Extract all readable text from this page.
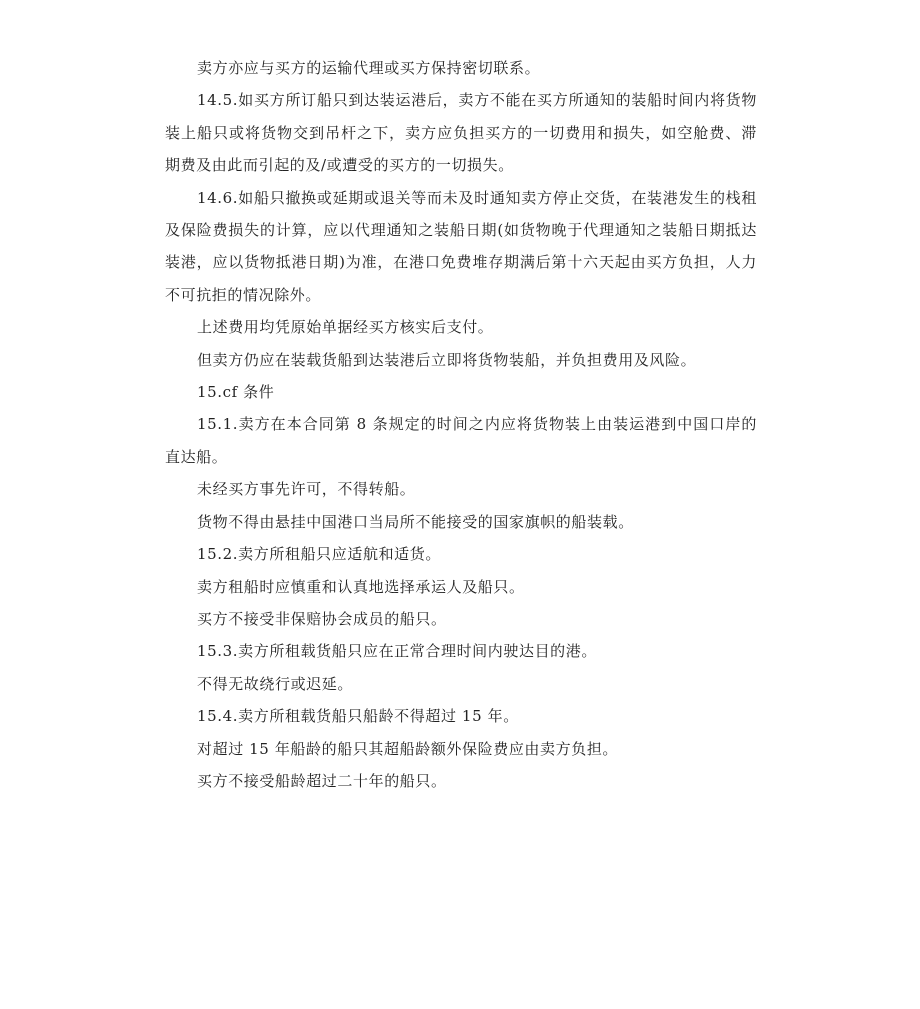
卖方亦应与买方的运输代理或买方保持密切联系。

14.5.如买方所订船只到达装运港后，卖方不能在买方所通知的装船时间内将货物装上船只或将货物交到吊杆之下，卖方应负担买方的一切费用和损失，如空舱费、滞期费及由此而引起的及/或遭受的买方的一切损失。

14.6.如船只撤换或延期或退关等而未及时通知卖方停止交货，在装港发生的栈租及保险费损失的计算，应以代理通知之装船日期(如货物晚于代理通知之装船日期抵达装港，应以货物抵港日期)为准，在港口免费堆存期满后第十六天起由买方负担，人力不可抗拒的情况除外。

上述费用均凭原始单据经买方核实后支付。

但卖方仍应在装载货船到达装港后立即将货物装船，并负担费用及风险。

15.cf 条件

15.1.卖方在本合同第 8 条规定的时间之内应将货物装上由装运港到中国口岸的直达船。

未经买方事先许可，不得转船。

货物不得由悬挂中国港口当局所不能接受的国家旗帜的船装载。

15.2.卖方所租船只应适航和适货。

卖方租船时应慎重和认真地选择承运人及船只。

买方不接受非保赔协会成员的船只。

15.3.卖方所租载货船只应在正常合理时间内驶达目的港。

不得无故绕行或迟延。

15.4.卖方所租载货船只船龄不得超过 15 年。

对超过 15 年船龄的船只其超船龄额外保险费应由卖方负担。

买方不接受船龄超过二十年的船只。
